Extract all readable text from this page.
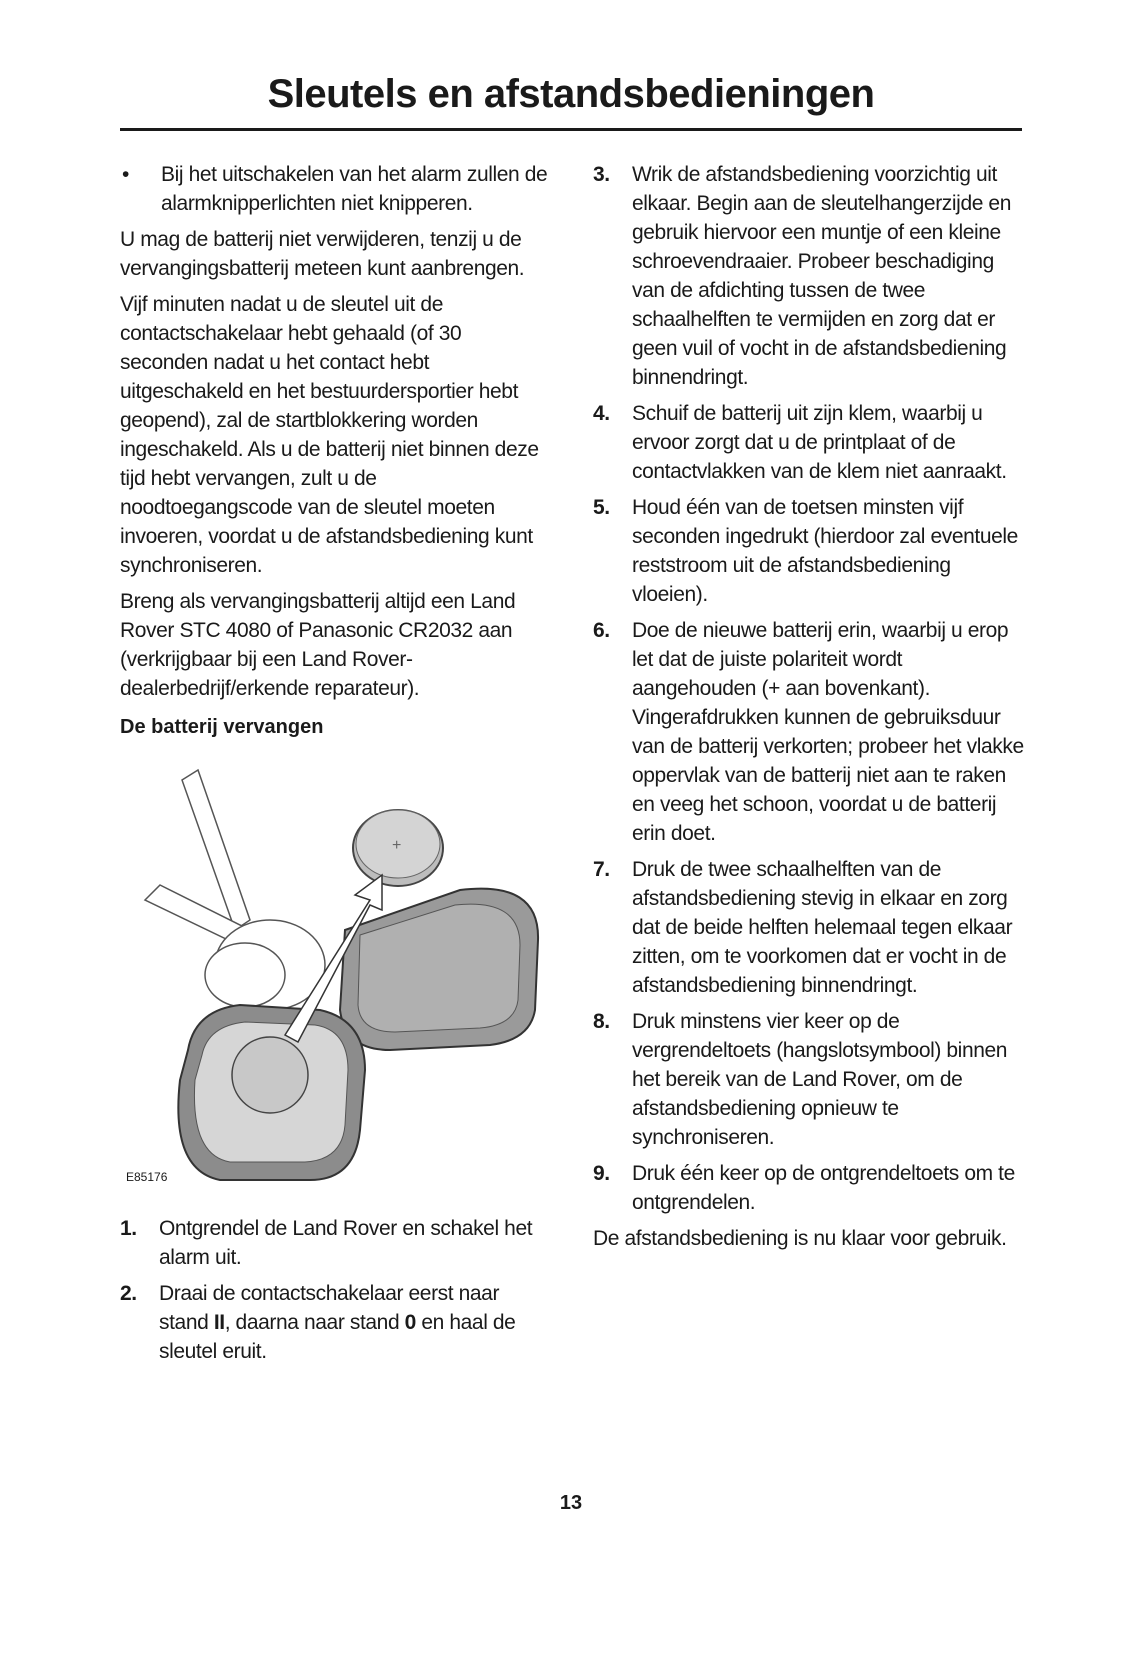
Sleutels en afstandsbedieningen
•	Bij het uitschakelen van het alarm zullen de alarmknipperlichten niet knipperen.

U mag de batterij niet verwijderen, tenzij u de vervangingsbatterij meteen kunt aanbrengen.

Vijf minuten nadat u de sleutel uit de contactschakelaar hebt gehaald (of 30 seconden nadat u het contact hebt uitgeschakeld en het bestuurdersportier hebt geopend), zal de startblokkering worden ingeschakeld. Als u de batterij niet binnen deze tijd hebt vervangen, zult u de noodtoegangscode van de sleutel moeten invoeren, voordat u de afstandsbediening kunt synchroniseren.

Breng als vervangingsbatterij altijd een Land Rover STC 4080 of Panasonic CR2032 aan (verkrijgbaar bij een Land Rover-dealerbedrijf/erkende reparateur).

De batterij vervangen
+
E85176
1.	Ontgrendel de Land Rover en schakel het alarm uit.
2.	Draai de contactschakelaar eerst naar stand II, daarna naar stand 0 en haal de sleutel eruit.
3.	Wrik de afstandsbediening voorzichtig uit elkaar. Begin aan de sleutelhangerzijde en gebruik hiervoor een muntje of een kleine schroevendraaier. Probeer beschadiging van de afdichting tussen de twee schaalhelften te vermijden en zorg dat er geen vuil of vocht in de afstandsbediening binnendringt.
4.	Schuif de batterij uit zijn klem, waarbij u ervoor zorgt dat u de printplaat of de contactvlakken van de klem niet aanraakt.
5.	Houd één van de toetsen minsten vijf seconden ingedrukt (hierdoor zal eventuele reststroom uit de afstandsbediening vloeien).
6.	Doe de nieuwe batterij erin, waarbij u erop let dat de juiste polariteit wordt aangehouden (+ aan bovenkant). Vingerafdrukken kunnen de gebruiksduur van de batterij verkorten; probeer het vlakke oppervlak van de batterij niet aan te raken en veeg het schoon, voordat u de batterij erin doet.
7.	Druk de twee schaalhelften van de afstandsbediening stevig in elkaar en zorg dat de beide helften helemaal tegen elkaar zitten, om te voorkomen dat er vocht in de afstandsbediening binnendringt.
8.	Druk minstens vier keer op de vergrendeltoets (hangslotsymbool) binnen het bereik van de Land Rover, om de afstandsbediening opnieuw te synchroniseren.
9.	Druk één keer op de ontgrendeltoets om te ontgrendelen.

De afstandsbediening is nu klaar voor gebruik.

13
